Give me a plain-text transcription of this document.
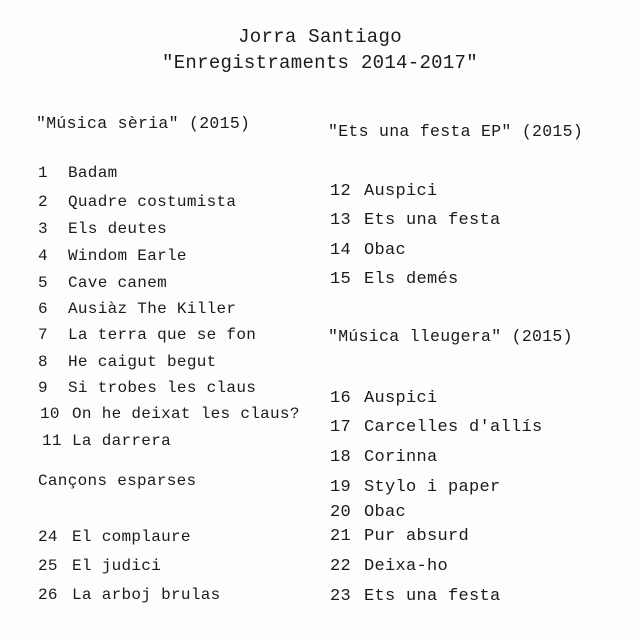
Jorra Santiago
"Enregistraments 2014-2017"
"Música sèria" (2015)
1	Badam
2	Quadre costumista
3	Els deutes
4	Windom Earle
5	Cave canem
6	Ausiàz The Killer
7	La terra que se fon
8	He caigut begut
9	Si trobes les claus
10 On he deixat les claus?
11 La darrera
Cançons esparses
24 El complaure
25 El judici
26 La arboj brulas
"Ets una festa EP" (2015)
12 Auspici
13 Ets una festa
14 Obac
15 Els demés
"Música lleugera" (2015)
16 Auspici
17 Carcelles d'allís
18 Corinna
19 Stylo i paper
20 Obac
21 Pur absurd
22 Deixa-ho
23 Ets una festa
